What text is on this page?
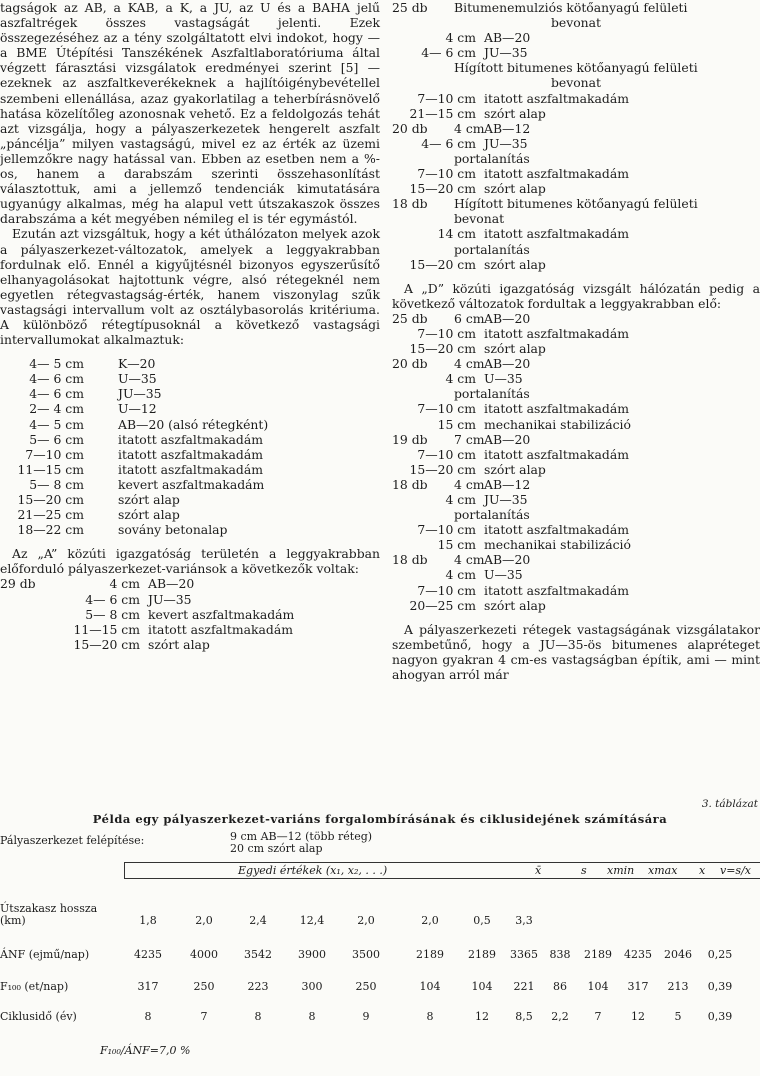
tagságok az AB, a KAB, a K, a JU, az U és a BAHA jelű aszfaltrégek összes vastagságát jelenti. Ezek összegezéséhez az a tény szolgáltatott elvi indokot, hogy — a BME Útépítési Tanszékének Aszfaltlaboratóriuma által végzett fárasztási vizsgálatok eredményei szerint [5] — ezeknek az aszfaltkeverékeknek a hajlítóigénybevétellel szembeni ellenállása, azaz gyakorlatilag a teherbírásnövelő hatása közelítőleg azonosnak vehető. Ez a feldolgozás tehát azt vizsgálja, hogy a pályaszerkezetek hengerelt aszfalt „páncélja” milyen vastagságú, mivel ez az érték az üzemi jellemzőkre nagy hatással van. Ebben az esetben nem a %-os, hanem a darabszám szerinti összehasonlítást választottuk, ami a jellemző tendenciák kimutatására ugyanúgy alkalmas, még ha alapul vett útszakaszok összes darabszáma a két megyében némileg el is tér egymástól.

Ezután azt vizsgáltuk, hogy a két úthálózaton melyek azok a pályaszerkezet-változatok, amelyek a leggyakrabban fordulnak elő. Ennél a kigyűjtésnél bizonyos egyszerűsítő elhanyagolásokat hajtottunk végre, alsó rétegeknél nem egyetlen rétegvastagság-érték, hanem viszonylag szűk vastagsági intervallum volt az osztálybasorolás kritériuma. A különböző rétegtípusoknál a következő vastagsági intervallumokat alkalmaztuk:

4— 5 cm	K—20
4— 6 cm	U—35
4— 6 cm	JU—35
2— 4 cm	U—12
4— 5 cm	AB—20 (alsó rétegként)
5— 6 cm	itatott aszfaltmakadám
7—10 cm	itatott aszfaltmakadám
11—15 cm	itatott aszfaltmakadám
5— 8 cm	kevert aszfaltmakadám
15—20 cm	szórt alap
21—25 cm	szórt alap
18—22 cm	sovány betonalap

Az „A” közúti igazgatóság területén a leggyakrabban előforduló pályaszerkezet-variánsok a következők voltak:

29 db	4 cm AB—20
4— 6 cm JU—35
5— 8 cm kevert aszfaltmakadám
11—15 cm itatott aszfaltmakadám
15—20 cm szórt alap
25 db	Bitumenemulziós kötőanyagú felületi
bevonat
4 cm AB—20
4— 6 cm JU—35
Hígított bitumenes kötőanyagú felületi
bevonat
7—10 cm itatott aszfaltmakadám
21—15 cm szórt alap
20 db	4 cm AB—12
4— 6 cm JU—35
portalanítás
7—10 cm itatott aszfaltmakadám
15—20 cm szórt alap
18 db	Hígított bitumenes kötőanyagú felületi
bevonat
14 cm itatott aszfaltmakadám
portalanítás
15—20 cm szórt alap

A „D” közúti igazgatóság vizsgált hálózatán pedig a következő változatok fordultak a leggyakrabban elő:

25 db	6 cm AB—20
7—10 cm itatott aszfaltmakadám
15—20 cm szórt alap
20 db	4 cm AB—20
4 cm U—35
portalanítás
7—10 cm itatott aszfaltmakadám
15 cm mechanikai stabilizáció
19 db	7 cm AB—20
7—10 cm itatott aszfaltmakadám
15—20 cm szórt alap
18 db	4 cm AB—12
4 cm JU—35
portalanítás
7—10 cm itatott aszfaltmakadám
15 cm mechanikai stabilizáció
18 db	4 cm AB—20
4 cm U—35
7—10 cm itatott aszfaltmakadám
20—25 cm szórt alap

A pályaszerkezeti rétegek vastagságának vizsgálatakor szembetűnő, hogy a JU—35-ös bitumenes alapréteget nagyon gyakran 4 cm-es vastagságban építik, ami — mint ahogyan arról már

3. táblázat
Példa egy pályaszerkezet-variáns forgalombírásának és ciklusidejének számítására
Pályaszerkezet felépítése:	9 cm AB—12 (több réteg)
20 cm szórt alap
Egyedi értékek (x₁, x₂, . . .)	x̄	s xmin xmax x v=s/x
Útszakasz hossza
(km)	1,8	2,0	2,4	12,4	2,0	2,0	0,5	3,3
ÁNF (ejmű/nap)	4235	4000	3542	3900	3500	2189	2189	3365	838	2189	4235	2046	0,25
F₁₀₀ (et/nap)	317	250	223	300	250	104	104	221	86	104	317	213	0,39
Ciklusidő (év)	8	7	8	8	9	8	12	8,5	2,2	7	12	5	0,39
F₁₀₀/ÁNF=7,0 %
